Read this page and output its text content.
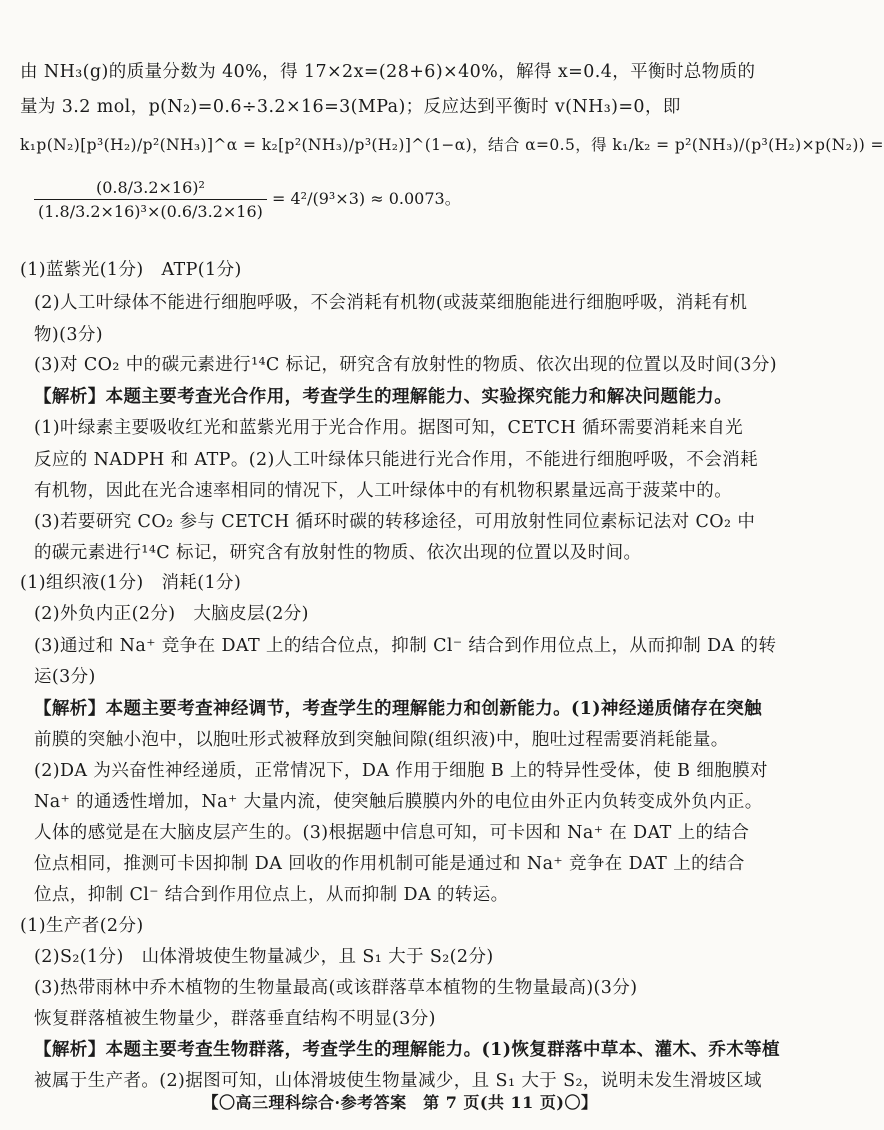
由 NH₃(g)的质量分数为 40%，得 17×2x=(28+6)×40%，解得 x=0.4，平衡时总物质的
量为 3.2 mol，p(N₂)=0.6÷3.2×16=3(MPa)；反应达到平衡时 v(NH₃)=0，即
k₁p(N₂)[p³(H₂)/p²(NH₃)]^α = k₂[p²(NH₃)/p³(H₂)]^(1−α)，结合 α=0.5，得 k₁/k₂ = p²(NH₃)/(p³(H₂)×p(N₂)) =
$\frac{\text{(0.8/3.2×16)²}}{\text{(1.8/3.2×16)³×(0.6/3.2×16)}} = 4^2/(9^3\times 3) \approx 0.0073$。
(1)蓝紫光(1分)　ATP(1分)
(2)人工叶绿体不能进行细胞呼吸，不会消耗有机物(或菠菜细胞能进行细胞呼吸，消耗有机
物)(3分)
(3)对 CO₂ 中的碳元素进行¹⁴C 标记，研究含有放射性的物质、依次出现的位置以及时间(3分)
【解析】本题主要考查光合作用，考查学生的理解能力、实验探究能力和解决问题能力。
(1)叶绿素主要吸收红光和蓝紫光用于光合作用。据图可知，CETCH 循环需要消耗来自光
反应的 NADPH 和 ATP。(2)人工叶绿体只能进行光合作用，不能进行细胞呼吸，不会消耗
有机物，因此在光合速率相同的情况下，人工叶绿体中的有机物积累量远高于菠菜中的。
(3)若要研究 CO₂ 参与 CETCH 循环时碳的转移途径，可用放射性同位素标记法对 CO₂ 中
的碳元素进行¹⁴C 标记，研究含有放射性的物质、依次出现的位置以及时间。
(1)组织液(1分)　消耗(1分)
(2)外负内正(2分)　大脑皮层(2分)
(3)通过和 Na⁺ 竞争在 DAT 上的结合位点，抑制 Cl⁻ 结合到作用位点上，从而抑制 DA 的转
运(3分)
【解析】本题主要考查神经调节，考查学生的理解能力和创新能力。(1)神经递质储存在突触
前膜的突触小泡中，以胞吐形式被释放到突触间隙(组织液)中，胞吐过程需要消耗能量。
(2)DA 为兴奋性神经递质，正常情况下，DA 作用于细胞 B 上的特异性受体，使 B 细胞膜对
Na⁺ 的通透性增加，Na⁺ 大量内流，使突触后膜膜内外的电位由外正内负转变成外负内正。
人体的感觉是在大脑皮层产生的。(3)根据题中信息可知，可卡因和 Na⁺ 在 DAT 上的结合
位点相同，推测可卡因抑制 DA 回收的作用机制可能是通过和 Na⁺ 竞争在 DAT 上的结合
位点，抑制 Cl⁻ 结合到作用位点上，从而抑制 DA 的转运。
(1)生产者(2分)
(2)S₂(1分)　山体滑坡使生物量减少，且 S₁ 大于 S₂(2分)
(3)热带雨林中乔木植物的生物量最高(或该群落草本植物的生物量最高)(3分)
恢复群落植被生物量少，群落垂直结构不明显(3分)
【解析】本题主要考查生物群落，考查学生的理解能力。(1)恢复群落中草本、灌木、乔木等植
被属于生产者。(2)据图可知，山体滑坡使生物量减少，且 S₁ 大于 S₂，说明未发生滑坡区域
【〇高三理科综合·参考答案　第 7 页(共 11 页)〇】
